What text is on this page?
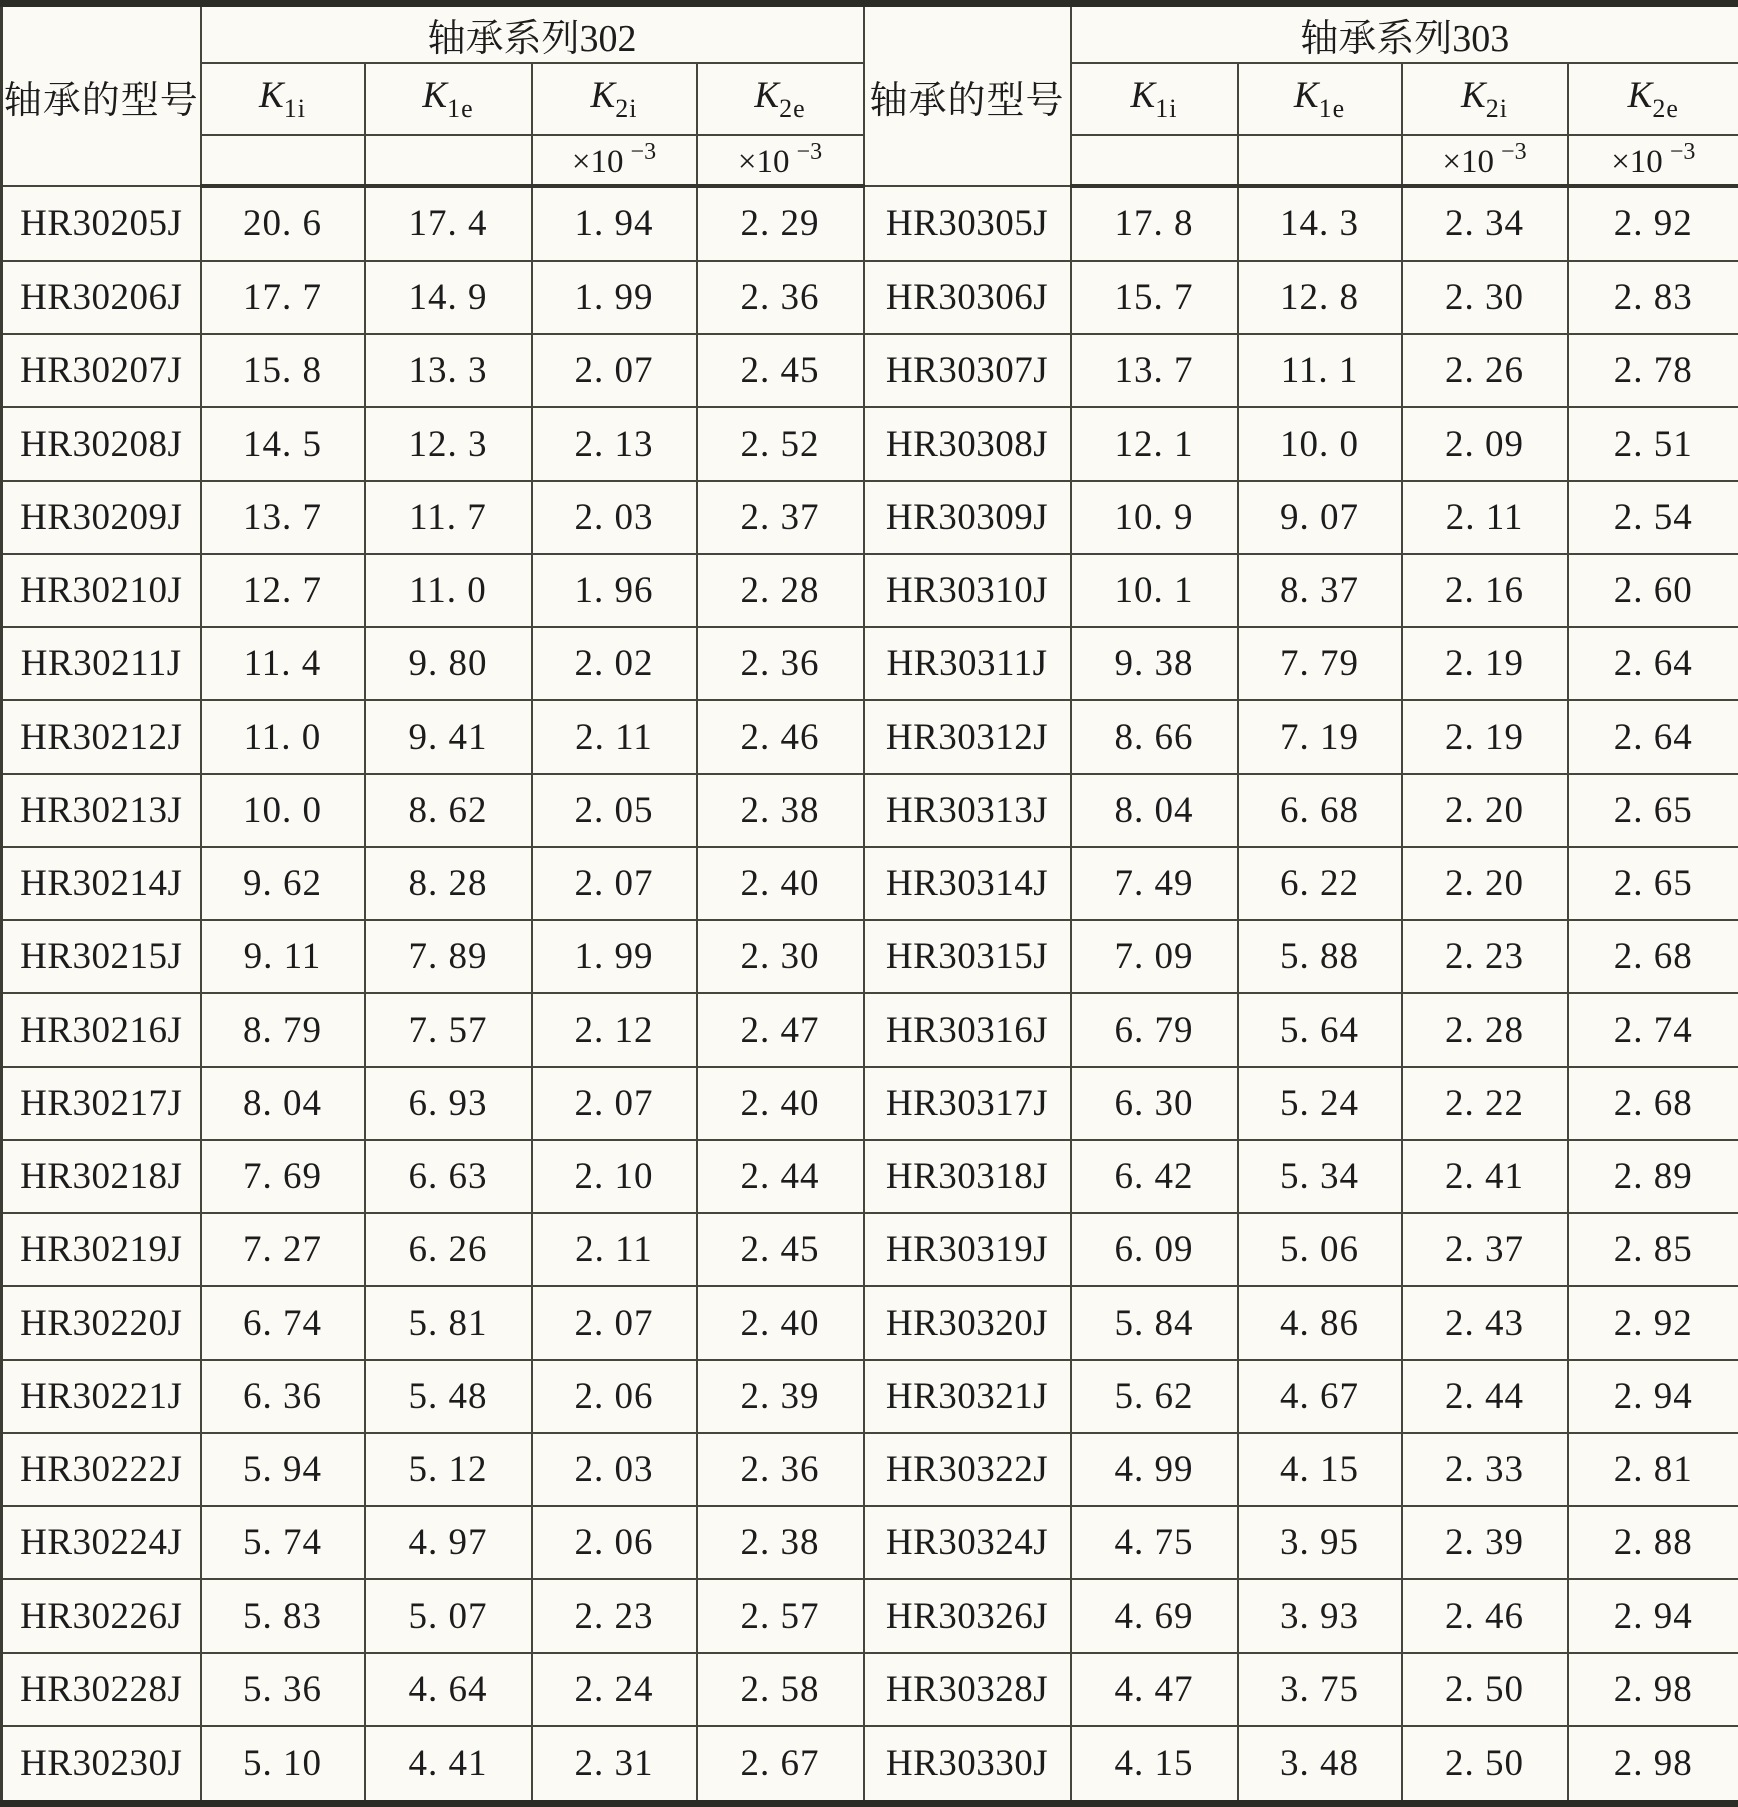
轴承的型号	轴承系列302				轴承的型号	轴承系列303			
	$K_{1i}$	$K_{1e}$	$K_{2i}$	$K_{2e}$		$K_{1i}$	$K_{1e}$	$K_{2i}$	$K_{2e}$
			×10 $^{-3}$	×10 $^{-3}$				×10 $^{-3}$	×10 $^{-3}$
HR30205J	20. 6	17. 4	1. 94	2. 29	HR30305J	17. 8	14. 3	2. 34	2. 92
HR30206J	17. 7	14. 9	1. 99	2. 36	HR30306J	15. 7	12. 8	2. 30	2. 83
HR30207J	15. 8	13. 3	2. 07	2. 45	HR30307J	13. 7	11. 1	2. 26	2. 78
HR30208J	14. 5	12. 3	2. 13	2. 52	HR30308J	12. 1	10. 0	2. 09	2. 51
HR30209J	13. 7	11. 7	2. 03	2. 37	HR30309J	10. 9	9. 07	2. 11	2. 54
HR30210J	12. 7	11. 0	1. 96	2. 28	HR30310J	10. 1	8. 37	2. 16	2. 60
HR30211J	11. 4	9. 80	2. 02	2. 36	HR30311J	9. 38	7. 79	2. 19	2. 64
HR30212J	11. 0	9. 41	2. 11	2. 46	HR30312J	8. 66	7. 19	2. 19	2. 64
HR30213J	10. 0	8. 62	2. 05	2. 38	HR30313J	8. 04	6. 68	2. 20	2. 65
HR30214J	9. 62	8. 28	2. 07	2. 40	HR30314J	7. 49	6. 22	2. 20	2. 65
HR30215J	9. 11	7. 89	1. 99	2. 30	HR30315J	7. 09	5. 88	2. 23	2. 68
HR30216J	8. 79	7. 57	2. 12	2. 47	HR30316J	6. 79	5. 64	2. 28	2. 74
HR30217J	8. 04	6. 93	2. 07	2. 40	HR30317J	6. 30	5. 24	2. 22	2. 68
HR30218J	7. 69	6. 63	2. 10	2. 44	HR30318J	6. 42	5. 34	2. 41	2. 89
HR30219J	7. 27	6. 26	2. 11	2. 45	HR30319J	6. 09	5. 06	2. 37	2. 85
HR30220J	6. 74	5. 81	2. 07	2. 40	HR30320J	5. 84	4. 86	2. 43	2. 92
HR30221J	6. 36	5. 48	2. 06	2. 39	HR30321J	5. 62	4. 67	2. 44	2. 94
HR30222J	5. 94	5. 12	2. 03	2. 36	HR30322J	4. 99	4. 15	2. 33	2. 81
HR30224J	5. 74	4. 97	2. 06	2. 38	HR30324J	4. 75	3. 95	2. 39	2. 88
HR30226J	5. 83	5. 07	2. 23	2. 57	HR30326J	4. 69	3. 93	2. 46	2. 94
HR30228J	5. 36	4. 64	2. 24	2. 58	HR30328J	4. 47	3. 75	2. 50	2. 98
HR30230J	5. 10	4. 41	2. 31	2. 67	HR30330J	4. 15	3. 48	2. 50	2. 98
